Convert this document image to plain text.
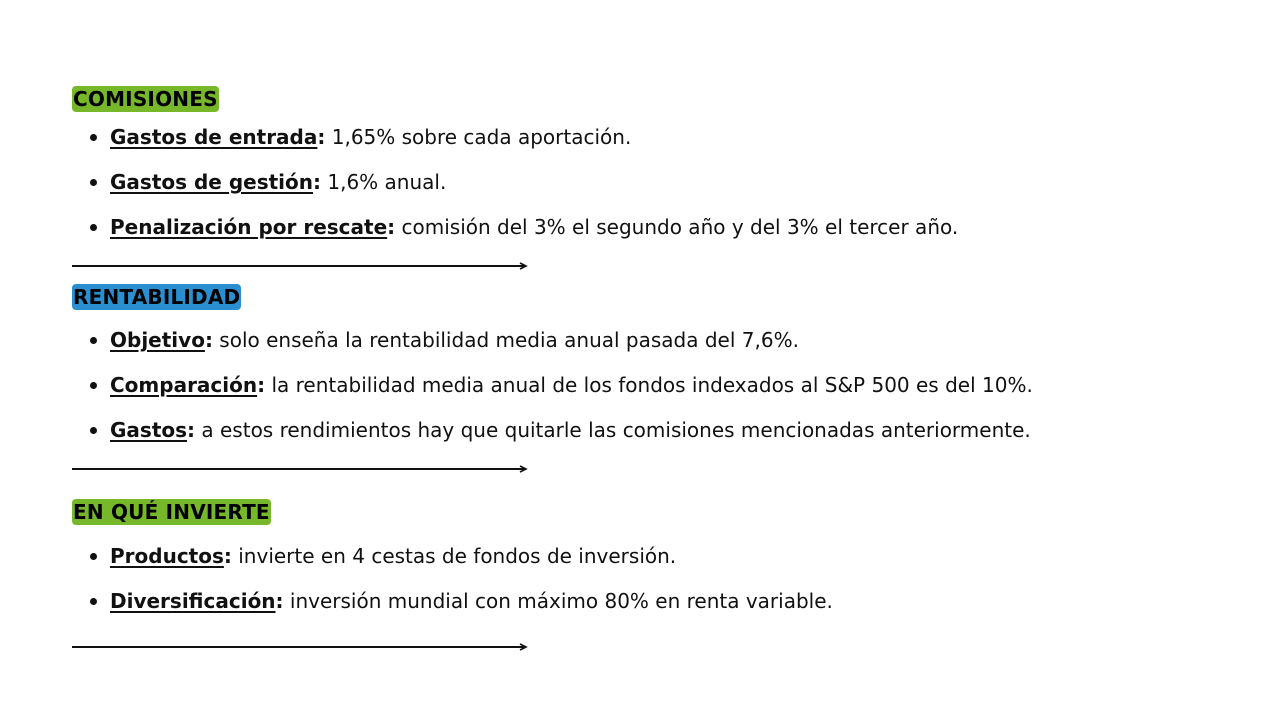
COMISIONES
Gastos de entrada: 1,65% sobre cada aportación.
Gastos de gestión: 1,6% anual.
Penalización por rescate: comisión del 3% el segundo año y del 3% el tercer año.
RENTABILIDAD
Objetivo: solo enseña la rentabilidad media anual pasada del 7,6%.
Comparación: la rentabilidad media anual de los fondos indexados al S&P 500 es del 10%.
Gastos: a estos rendimientos hay que quitarle las comisiones mencionadas anteriormente.
EN QUÉ INVIERTE
Productos: invierte en 4 cestas de fondos de inversión.
Diversificación: inversión mundial con máximo 80% en renta variable.
